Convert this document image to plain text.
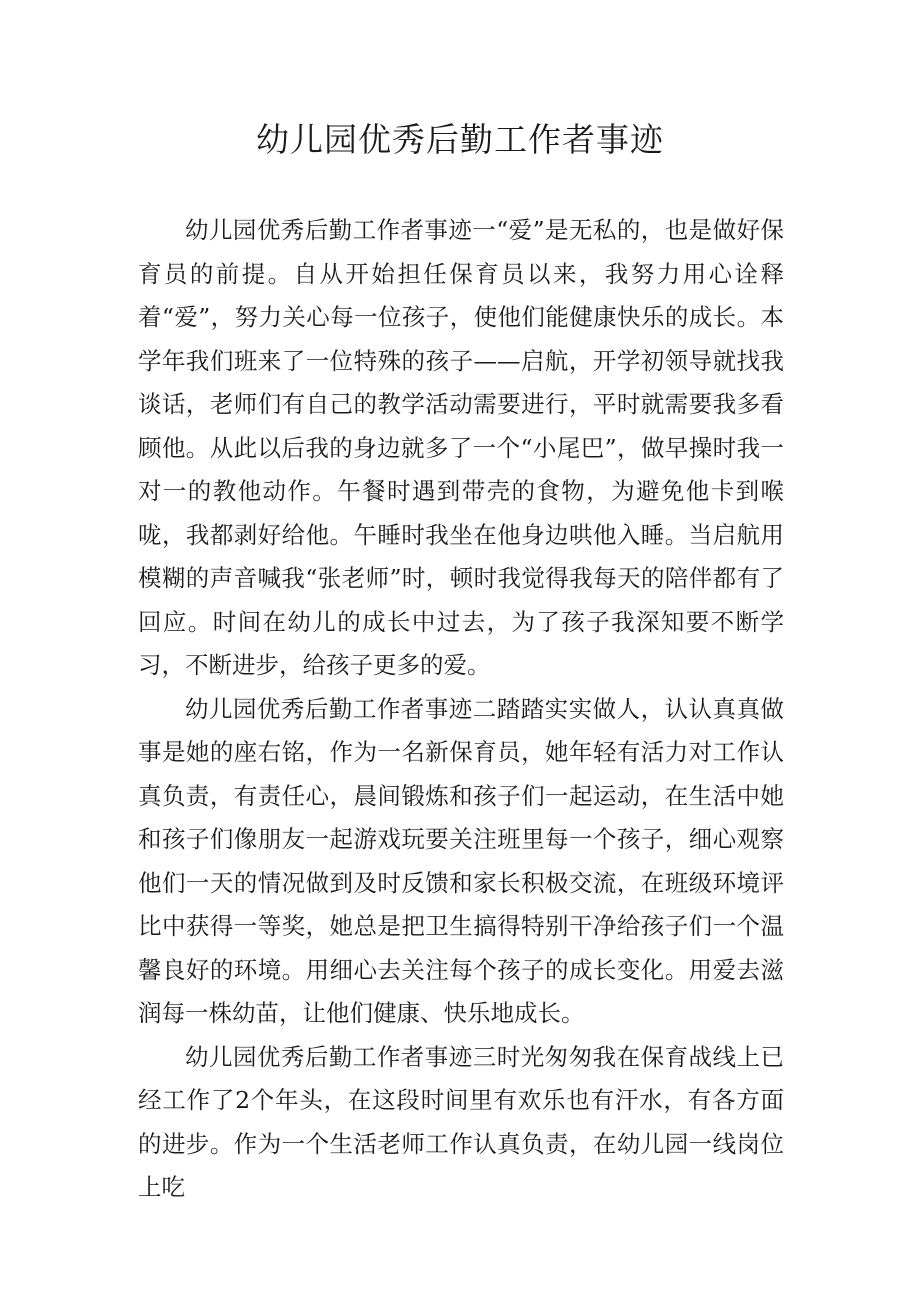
幼儿园优秀后勤工作者事迹

幼儿园优秀后勤工作者事迹一“爱”是无私的，也是做好保育员的前提。自从开始担任保育员以来，我努力用心诠释着“爱”，努力关心每一位孩子，使他们能健康快乐的成长。本学年我们班来了一位特殊的孩子——启航，开学初领导就找我谈话，老师们有自己的教学活动需要进行，平时就需要我多看顾他。从此以后我的身边就多了一个“小尾巴”，做早操时我一对一的教他动作。午餐时遇到带壳的食物，为避免他卡到喉咙，我都剥好给他。午睡时我坐在他身边哄他入睡。当启航用模糊的声音喊我“张老师”时，顿时我觉得我每天的陪伴都有了回应。时间在幼儿的成长中过去，为了孩子我深知要不断学习，不断进步，给孩子更多的爱。

幼儿园优秀后勤工作者事迹二踏踏实实做人，认认真真做事是她的座右铭，作为一名新保育员，她年轻有活力对工作认真负责，有责任心，晨间锻炼和孩子们一起运动，在生活中她和孩子们像朋友一起游戏玩要关注班里每一个孩子，细心观察他们一天的情况做到及时反馈和家长积极交流，在班级环境评比中获得一等奖，她总是把卫生搞得特别干净给孩子们一个温馨良好的环境。用细心去关注每个孩子的成长变化。用爱去滋润每一株幼苗，让他们健康、快乐地成长。

幼儿园优秀后勤工作者事迹三时光匆匆我在保育战线上已经工作了2个年头，在这段时间里有欢乐也有汗水，有各方面的进步。作为一个生活老师工作认真负责，在幼儿园一线岗位上吃
